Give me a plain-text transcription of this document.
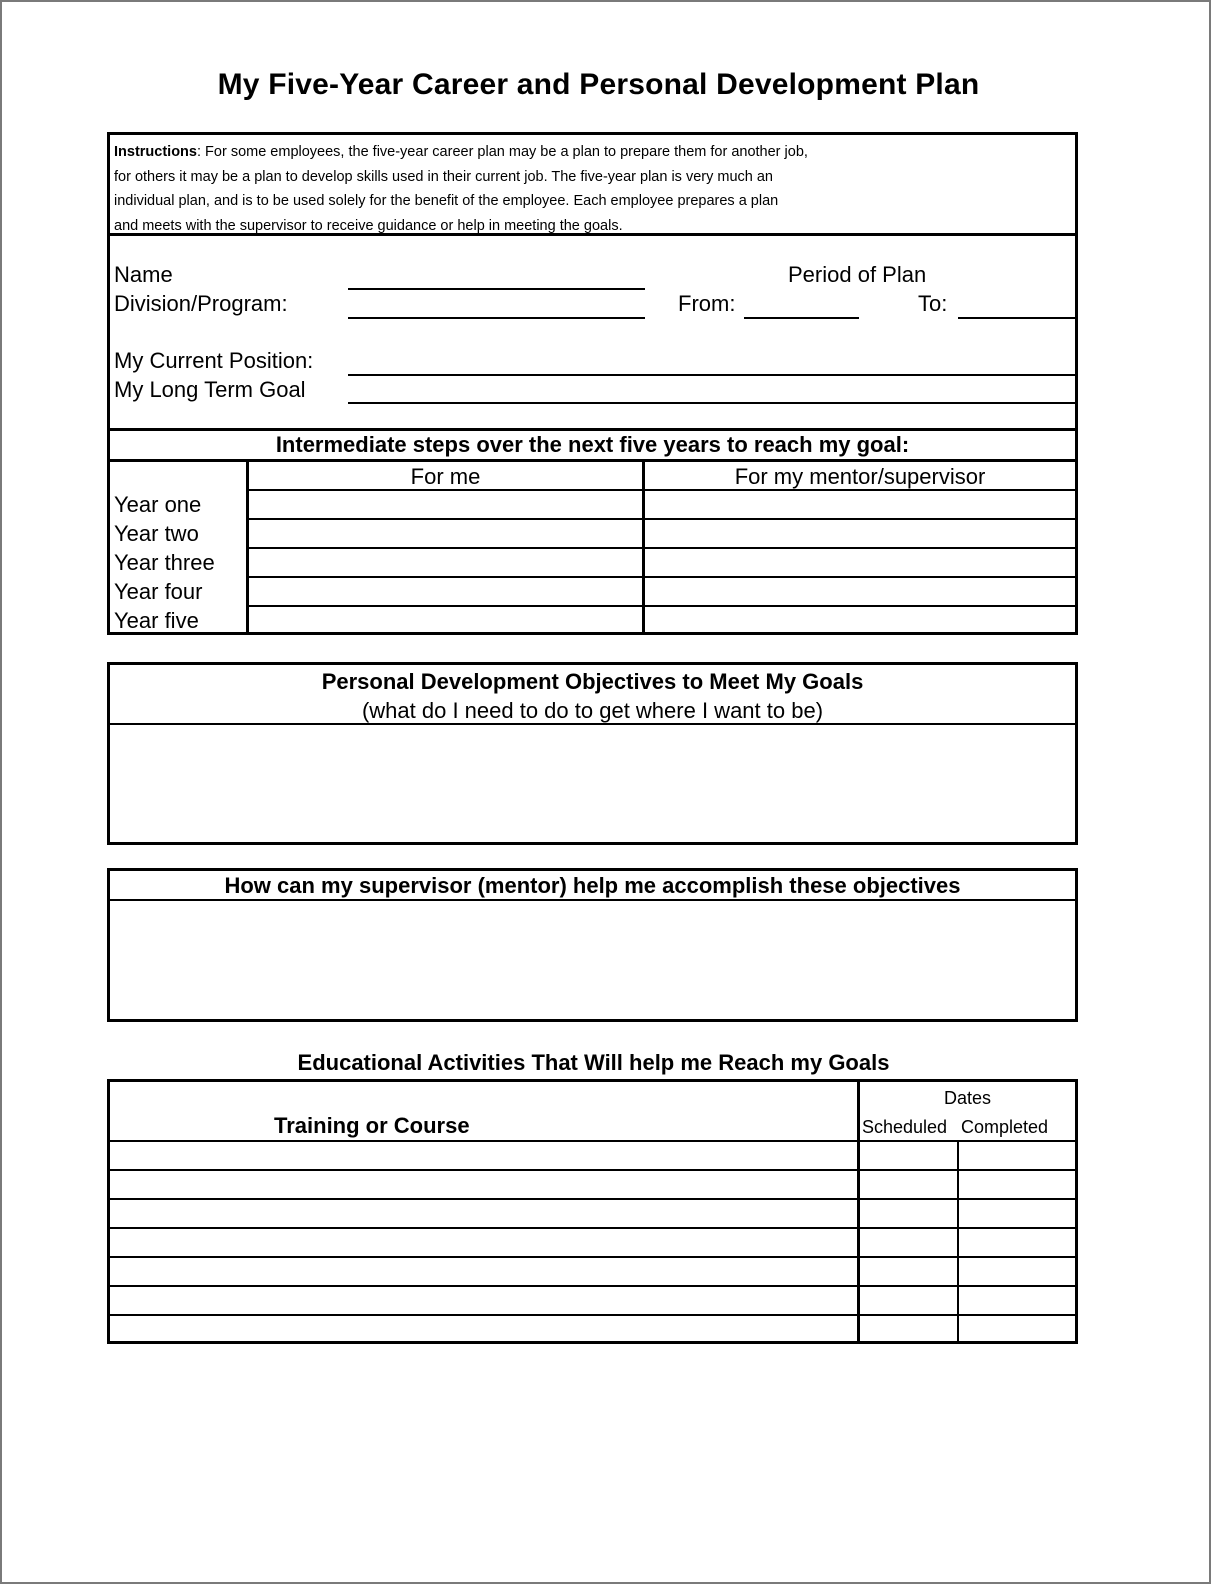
My Five-Year Career and Personal Development Plan
Instructions: For some employees, the five-year career plan may be a plan to prepare them for another job,
for others it may be a plan to develop skills used in their current job. The five-year plan is very much an
individual plan, and is to be used solely for the benefit of the employee. Each employee prepares a plan
and meets with the supervisor to receive guidance or help in meeting the goals.
Name
Division/Program:
Period of Plan
From:	To:
My Current Position:
My Long Term Goal
Intermediate steps over the next five years to reach my goal:
For me	For my mentor/supervisor
Year one
Year two
Year three
Year four
Year five
Personal Development Objectives to Meet My Goals
(what do I need to do to get where I want to be)
How can my supervisor (mentor) help me accomplish these objectives
Educational Activities That Will help me Reach my Goals
Training or Course
Dates
Scheduled Completed
